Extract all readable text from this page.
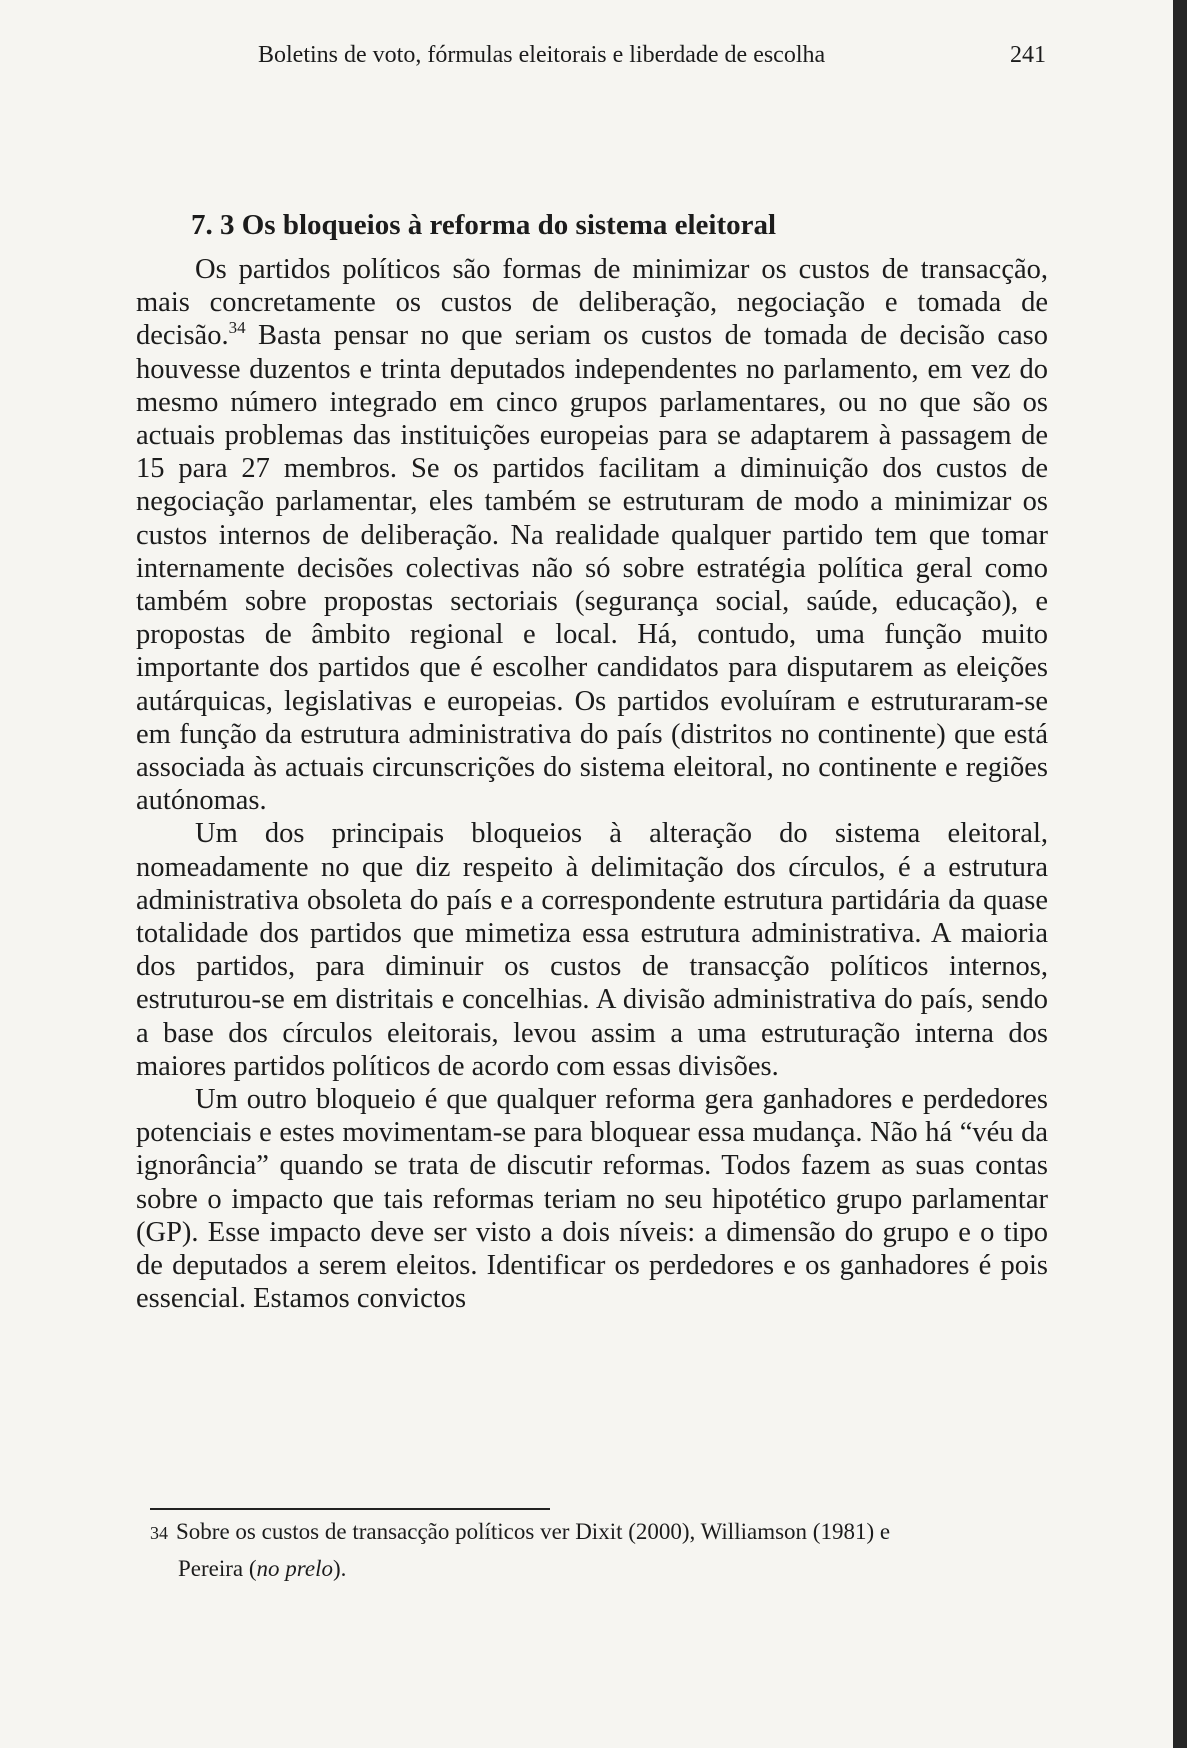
Boletins de voto, fórmulas eleitorais e liberdade de escolha	241
7. 3 Os bloqueios à reforma do sistema eleitoral

Os partidos políticos são formas de minimizar os custos de transacção, mais concretamente os custos de deliberação, negociação e tomada de decisão.$^{34}$ Basta pensar no que seriam os custos de tomada de decisão caso houvesse duzentos e trinta deputados independentes no parlamento, em vez do mesmo número integrado em cinco grupos parlamentares, ou no que são os actuais problemas das instituições europeias para se adaptarem à passagem de 15 para 27 membros. Se os partidos facilitam a diminuição dos custos de negociação parlamentar, eles também se estruturam de modo a minimizar os custos internos de deliberação. Na realidade qualquer partido tem que tomar internamente decisões colectivas não só sobre estratégia política geral como também sobre propostas sectoriais (segurança social, saúde, educação), e propostas de âmbito regional e local. Há, contudo, uma função muito importante dos partidos que é escolher candidatos para disputarem as eleições autárquicas, legislativas e europeias. Os partidos evoluíram e estruturaram-se em função da estrutura administrativa do país (distritos no continente) que está associada às actuais circunscrições do sistema eleitoral, no continente e regiões autónomas.

Um dos principais bloqueios à alteração do sistema eleitoral, nomeadamente no que diz respeito à delimitação dos círculos, é a estrutura administrativa obsoleta do país e a correspondente estrutura partidária da quase totalidade dos partidos que mimetiza essa estrutura administrativa. A maioria dos partidos, para diminuir os custos de transacção políticos internos, estruturou-se em distritais e concelhias. A divisão administrativa do país, sendo a base dos círculos eleitorais, levou assim a uma estruturação interna dos maiores partidos políticos de acordo com essas divisões.

Um outro bloqueio é que qualquer reforma gera ganhadores e perdedores potenciais e estes movimentam-se para bloquear essa mudança. Não há “véu da ignorância” quando se trata de discutir reformas. Todos fazem as suas contas sobre o impacto que tais reformas teriam no seu hipotético grupo parlamentar (GP). Esse impacto deve ser visto a dois níveis: a dimensão do grupo e o tipo de deputados a serem eleitos. Identificar os perdedores e os ganhadores é pois essencial. Estamos convictos

34 Sobre os custos de transacção políticos ver Dixit (2000), Williamson (1981) e
Pereira (no prelo).
